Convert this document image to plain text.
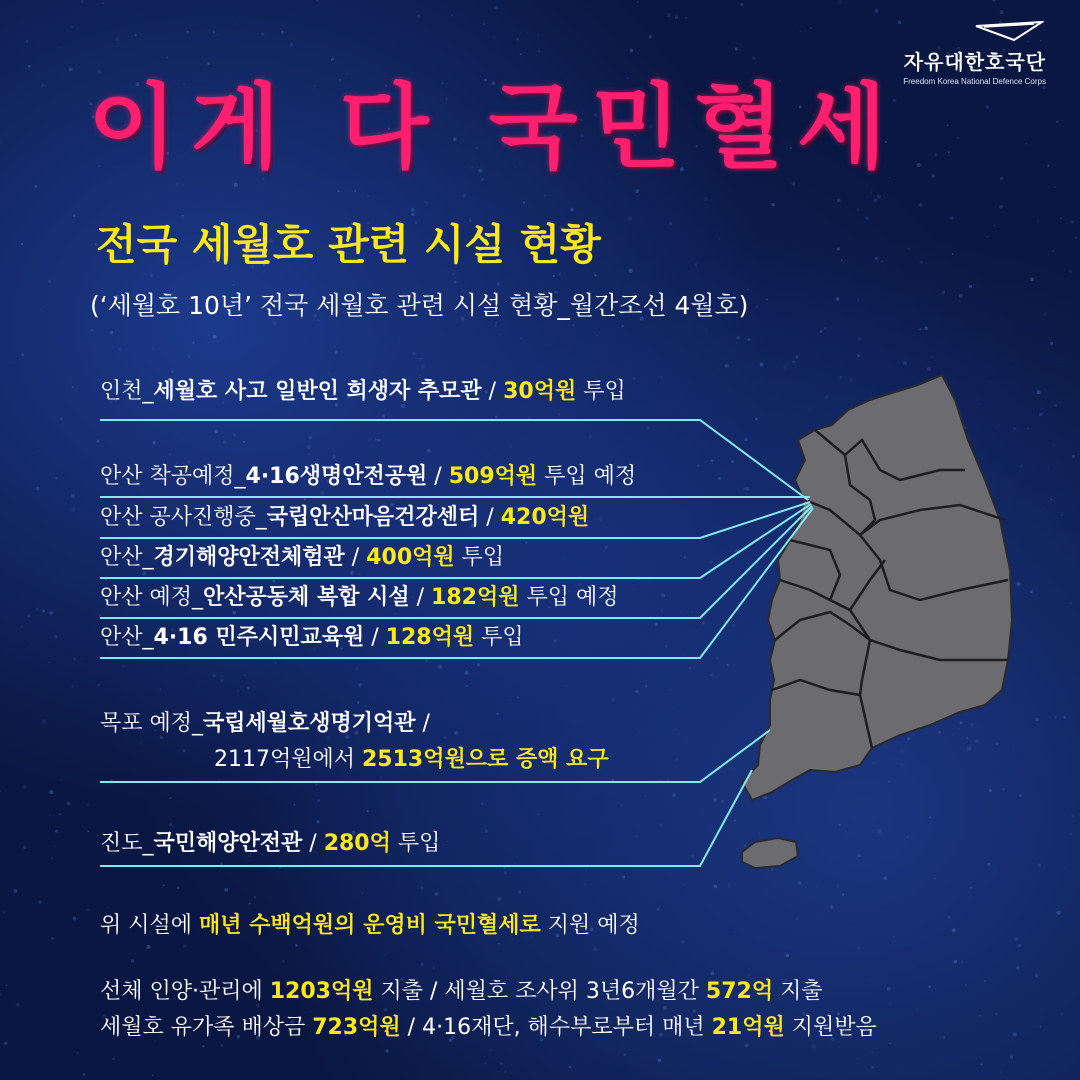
자유대한호국단
Freedom Korea National Defence Corps
이게 다 국민혈세
전국 세월호 관련 시설 현황
(‘세월호 10년’ 전국 세월호 관련 시설 현황_월간조선 4월호)
인천_세월호 사고 일반인 희생자 추모관 / 30억원 투입
안산 착공예정_4·16생명안전공원 / 509억원 투입 예정
안산 공사진행중_국립안산마음건강센터 / 420억원
안산_경기해양안전체험관 / 400억원 투입
안산 예정_안산공동체 복합 시설 / 182억원 투입 예정
안산_4·16 민주시민교육원 / 128억원 투입
목포 예정_국립세월호생명기억관 /
2117억원에서 2513억원으로 증액 요구
진도_국민해양안전관 / 280억 투입
위 시설에 매년 수백억원의 운영비 국민혈세로 지원 예정
선체 인양·관리에 1203억원 지출 / 세월호 조사위 3년6개월간 572억 지출
세월호 유가족 배상금 723억원 / 4·16재단, 해수부로부터 매년 21억원 지원받음
